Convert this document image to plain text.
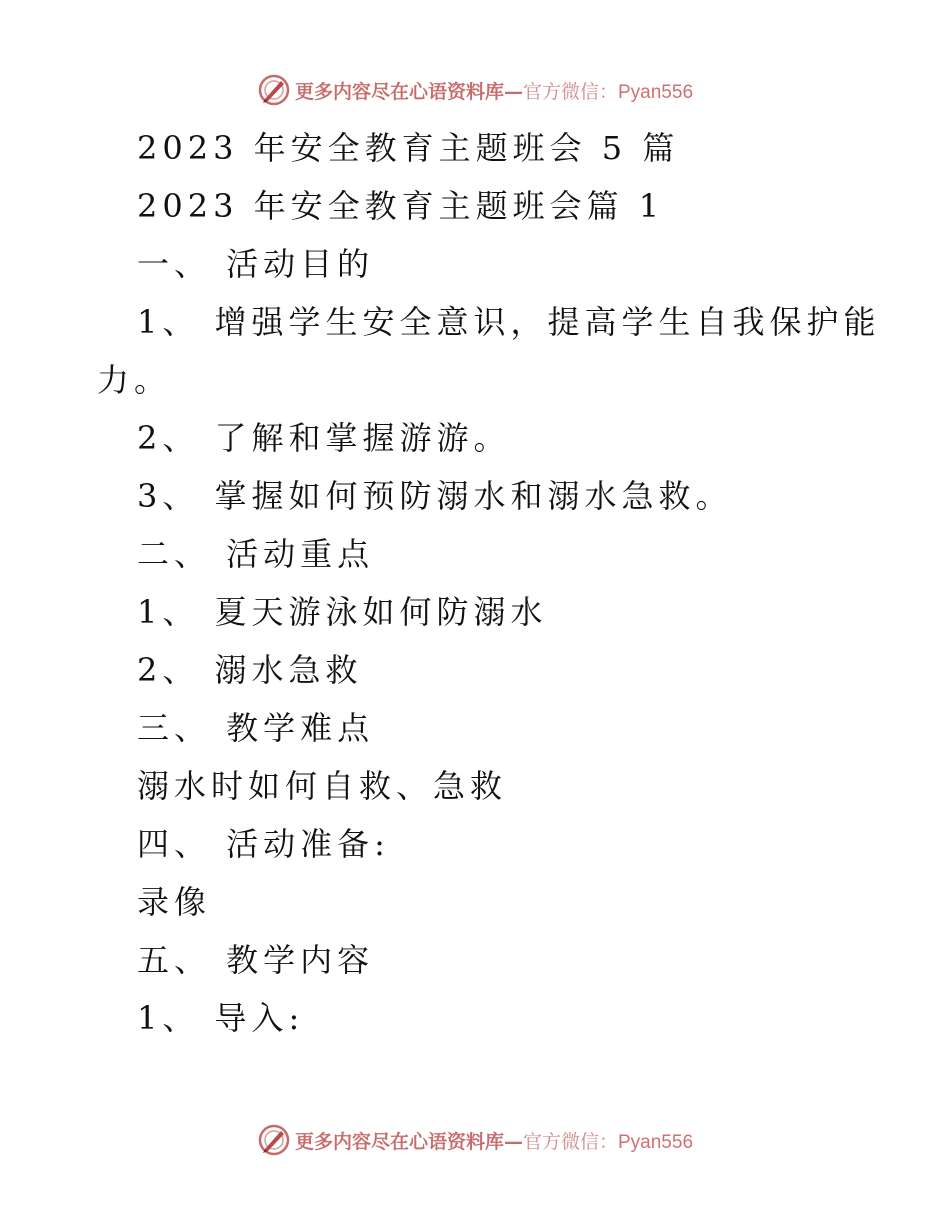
更多内容尽在心语资料库—官方微信：Pyan556
2023 年安全教育主题班会 5 篇
2023 年安全教育主题班会篇 1
一、 活动目的
1、 增强学生安全意识，提高学生自我保护能
力。
2、 了解和掌握游游。
3、 掌握如何预防溺水和溺水急救。
二、 活动重点
1、 夏天游泳如何防溺水
2、 溺水急救
三、 教学难点
溺水时如何自救、急救
四、 活动准备:
录像
五、 教学内容
1、 导入:
更多内容尽在心语资料库—官方微信：Pyan556
